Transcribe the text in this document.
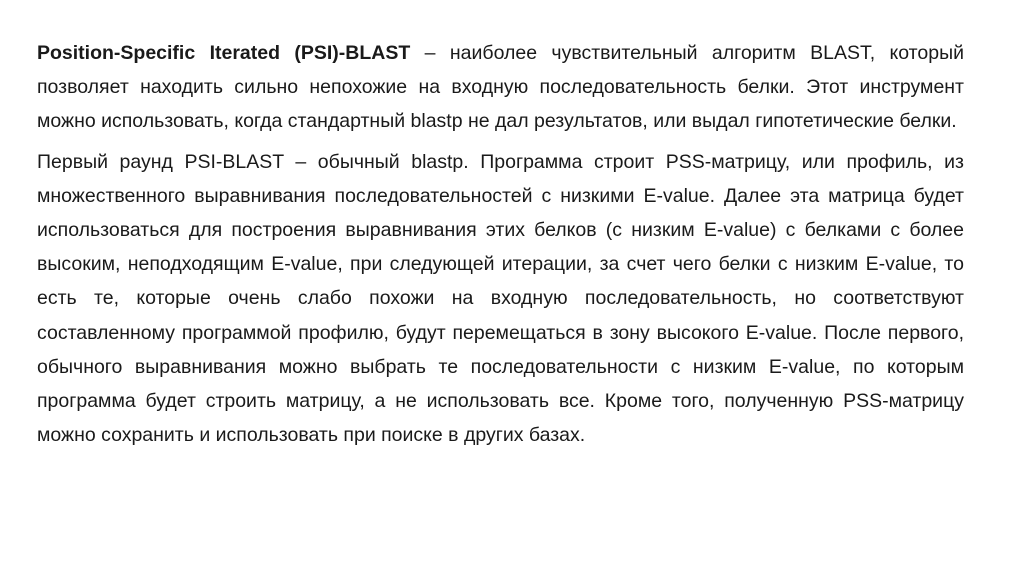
Position-Specific Iterated (PSI)-BLAST – наиболее чувствительный алгоритм BLAST, который позволяет находить сильно непохожие на входную последовательность белки. Этот инструмент можно использовать, когда стандартный blastp не дал результатов, или выдал гипотетические белки.

Первый раунд PSI-BLAST – обычный blastp. Программа строит PSS-матрицу, или профиль, из множественного выравнивания последовательностей с низкими E-value. Далее эта матрица будет использоваться для построения выравнивания этих белков (с низким E-value) с белками с более высоким, неподходящим E-value, при следующей итерации, за счет чего белки с низким E-value, то есть те, которые очень слабо похожи на входную последовательность, но соответствуют составленному программой профилю, будут перемещаться в зону высокого E-value. После первого, обычного выравнивания можно выбрать те последовательности с низким E-value, по которым программа будет строить матрицу, а не использовать все. Кроме того, полученную PSS-матрицу можно сохранить и использовать при поиске в других базах.
